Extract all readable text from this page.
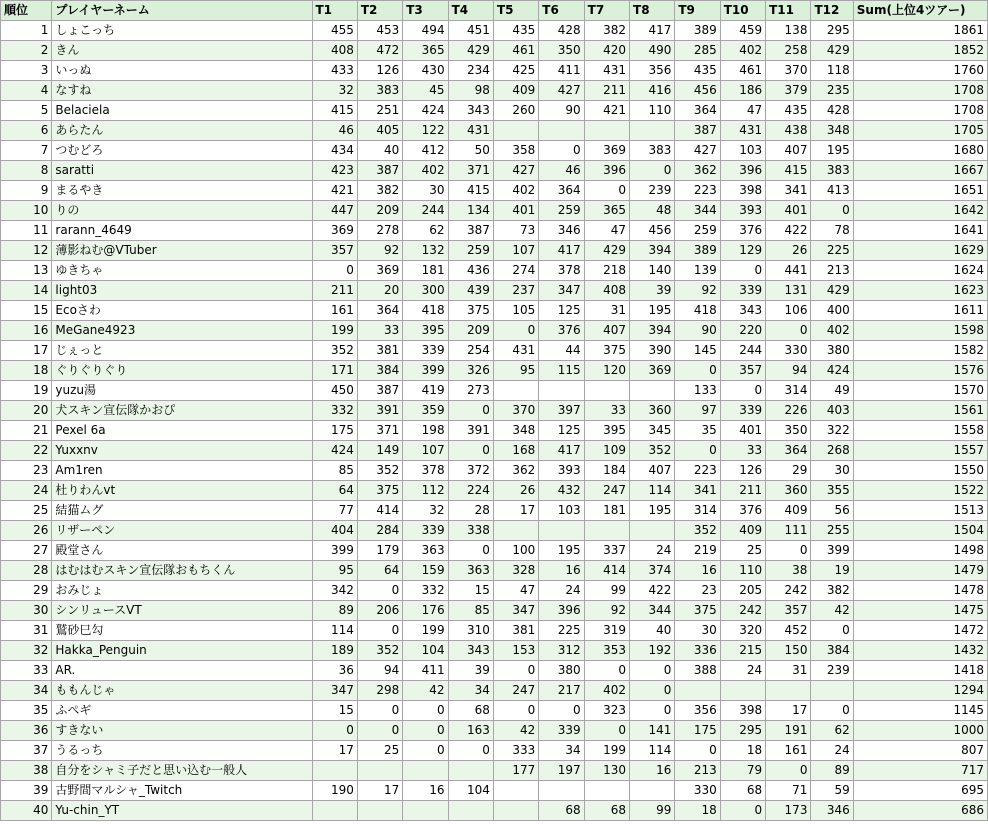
順位	プレイヤーネーム	T1	T2	T3	T4	T5	T6	T7	T8	T9	T10	T11	T12	Sum(上位4ツアー)
1	しょこっち	455	453	494	451	435	428	382	417	389	459	138	295	1861
2	きん	408	472	365	429	461	350	420	490	285	402	258	429	1852
3	いっぬ	433	126	430	234	425	411	431	356	435	461	370	118	1760
4	なすね	32	383	45	98	409	427	211	416	456	186	379	235	1708
5	Belaciela	415	251	424	343	260	90	421	110	364	47	435	428	1708
6	あらたん	46	405	122	431					387	431	438	348	1705
7	つむどろ	434	40	412	50	358	0	369	383	427	103	407	195	1680
8	saratti	423	387	402	371	427	46	396	0	362	396	415	383	1667
9	まるやき	421	382	30	415	402	364	0	239	223	398	341	413	1651
10	りの	447	209	244	134	401	259	365	48	344	393	401	0	1642
11	rarann_4649	369	278	62	387	73	346	47	456	259	376	422	78	1641
12	薄影ねむ@VTuber	357	92	132	259	107	417	429	394	389	129	26	225	1629
13	ゆきちゃ	0	369	181	436	274	378	218	140	139	0	441	213	1624
14	light03	211	20	300	439	237	347	408	39	92	339	131	429	1623
15	Ecoさわ	161	364	418	375	105	125	31	195	418	343	106	400	1611
16	MeGane4923	199	33	395	209	0	376	407	394	90	220	0	402	1598
17	じぇっと	352	381	339	254	431	44	375	390	145	244	330	380	1582
18	ぐりぐりぐり	171	384	399	326	95	115	120	369	0	357	94	424	1576
19	yuzu湯	450	387	419	273					133	0	314	49	1570
20	犬スキン宣伝隊かおぴ	332	391	359	0	370	397	33	360	97	339	226	403	1561
21	Pexel 6a	175	371	198	391	348	125	395	345	35	401	350	322	1558
22	Yuxxnv	424	149	107	0	168	417	109	352	0	33	364	268	1557
23	Am1ren	85	352	378	372	362	393	184	407	223	126	29	30	1550
24	杜りわんvt	64	375	112	224	26	432	247	114	341	211	360	355	1522
25	結猫ムグ	77	414	32	28	17	103	181	195	314	376	409	56	1513
26	リザーペン	404	284	339	338					352	409	111	255	1504
27	殿堂さん	399	179	363	0	100	195	337	24	219	25	0	399	1498
28	はむはむスキン宣伝隊おもちくん	95	64	159	363	328	16	414	374	16	110	38	19	1479
29	おみじょ	342	0	332	15	47	24	99	422	23	205	242	382	1478
30	シンリュースVT	89	206	176	85	347	396	92	344	375	242	357	42	1475
31	鷲砂巳勾	114	0	199	310	381	225	319	40	30	320	452	0	1472
32	Hakka_Penguin	189	352	104	343	153	312	353	192	336	215	150	384	1432
33	AR.	36	94	411	39	0	380	0	0	388	24	31	239	1418
34	ももんじゃ	347	298	42	34	247	217	402	0					1294
35	ふぺギ	15	0	0	68	0	0	323	0	356	398	17	0	1145
36	すきない	0	0	0	163	42	339	0	141	175	295	191	62	1000
37	うるっち	17	25	0	0	333	34	199	114	0	18	161	24	807
38	自分をシャミ子だと思い込む一般人					177	197	130	16	213	79	0	89	717
39	古野間マルシャ_Twitch	190	17	16	104					330	68	71	59	695
40	Yu-chin_YT						68	68	99	18	0	173	346	686
